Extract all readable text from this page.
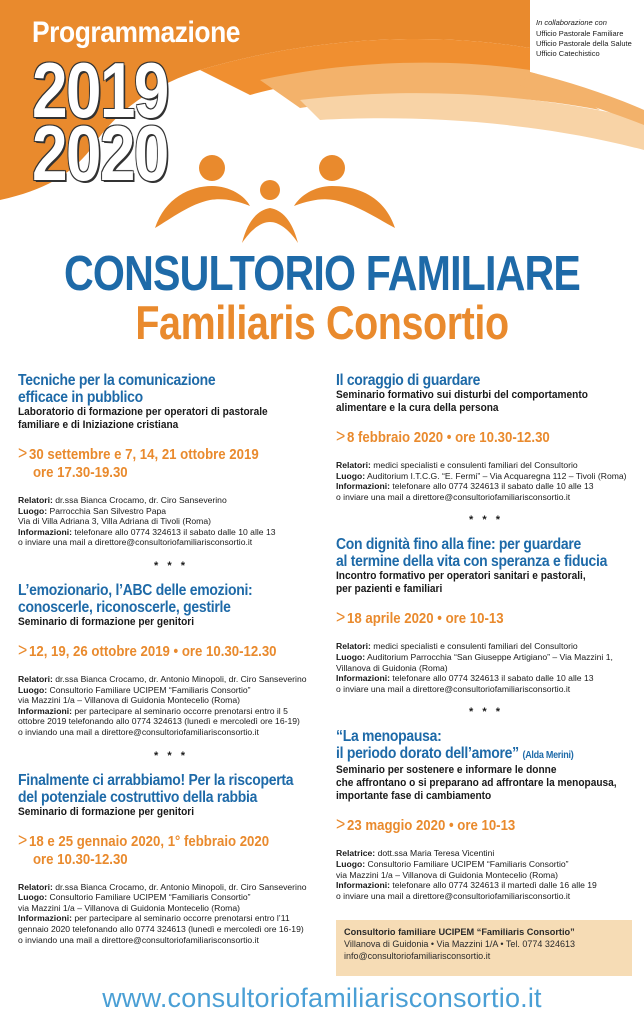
Programmazione
2019
2020
In collaborazione con
Ufficio Pastorale Familiare
Ufficio Pastorale della Salute
Ufficio Catechistico
CONSULTORIO FAMILIARE
Familiaris Consortio
Tecniche per la comunicazione
efficace in pubblico
Laboratorio di formazione per operatori di pastorale
familiare e di Iniziazione cristiana
> 30 settembre e 7, 14, 21 ottobre 2019
ore 17.30-19.30
Relatori: dr.ssa Bianca Crocamo, dr. Ciro Sanseverino
Luogo: Parrocchia San Silvestro Papa
Via di Villa Adriana 3, Villa Adriana di Tivoli (Roma)
Informazioni: telefonare allo 0774 324613 il sabato dalle 10 alle 13
o inviare una mail a direttore@consultoriofamiliarisconsortio.it
* * *
L’emozionario, l’ABC delle emozioni:
conoscerle, riconoscerle, gestirle
Seminario di formazione per genitori
> 12, 19, 26 ottobre 2019 • ore 10.30-12.30
Relatori: dr.ssa Bianca Crocamo, dr. Antonio Minopoli, dr. Ciro Sanseverino
Luogo: Consultorio Familiare UCIPEM “Familiaris Consortio”
via Mazzini 1/a – Villanova di Guidonia Montecelio (Roma)
Informazioni: per partecipare al seminario occorre prenotarsi entro il 5
ottobre 2019 telefonando allo 0774 324613 (lunedì e mercoledì ore 16-19)
o inviando una mail a direttore@consultoriofamiliarisconsortio.it
* * *
Finalmente ci arrabbiamo! Per la riscoperta
del potenziale costruttivo della rabbia
Seminario di formazione per genitori
> 18 e 25 gennaio 2020, 1° febbraio 2020
ore 10.30-12.30
Relatori: dr.ssa Bianca Crocamo, dr. Antonio Minopoli, dr. Ciro Sanseverino
Luogo: Consultorio Familiare UCIPEM “Familiaris Consortio”
via Mazzini 1/a – Villanova di Guidonia Montecelio (Roma)
Informazioni: per partecipare al seminario occorre prenotarsi entro l’11
gennaio 2020 telefonando allo 0774 324613 (lunedì e mercoledì ore 16-19)
o inviando una mail a direttore@consultoriofamiliarisconsortio.it
Il coraggio di guardare
Seminario formativo sui disturbi del comportamento
alimentare e la cura della persona
> 8 febbraio 2020 • ore 10.30-12.30
Relatori: medici specialisti e consulenti familiari del Consultorio
Luogo: Auditorium I.T.C.G. “E. Fermi” – Via Acquaregna 112 – Tivoli (Roma)
Informazioni: telefonare allo 0774 324613 il sabato dalle 10 alle 13
o inviare una mail a direttore@consultoriofamiliarisconsortio.it
* * *
Con dignità fino alla fine: per guardare
al termine della vita con speranza e fiducia
Incontro formativo per operatori sanitari e pastorali,
per pazienti e familiari
> 18 aprile 2020 • ore 10-13
Relatori: medici specialisti e consulenti familiari del Consultorio
Luogo: Auditorium Parrocchia “San Giuseppe Artigiano” – Via Mazzini 1,
Villanova di Guidonia (Roma)
Informazioni: telefonare allo 0774 324613 il sabato dalle 10 alle 13
o inviare una mail a direttore@consultoriofamiliarisconsortio.it
* * *
“La menopausa:
il periodo dorato dell’amore” (Alda Merini)
Seminario per sostenere e informare le donne
che affrontano o si preparano ad affrontare la menopausa,
importante fase di cambiamento
> 23 maggio 2020 • ore 10-13
Relatrice: dott.ssa Maria Teresa Vicentini
Luogo: Consultorio Familiare UCIPEM “Familiaris Consortio”
via Mazzini 1/a – Villanova di Guidonia Montecelio (Roma)
Informazioni: telefonare allo 0774 324613 il martedì dalle 16 alle 19
o inviare una mail a direttore@consultoriofamiliarisconsortio.it
Consultorio familiare UCIPEM “Familiaris Consortio”
Villanova di Guidonia • Via Mazzini 1/A • Tel. 0774 324613
info@consultoriofamiliarisconsortio.it
www.consultoriofamiliarisconsortio.it
